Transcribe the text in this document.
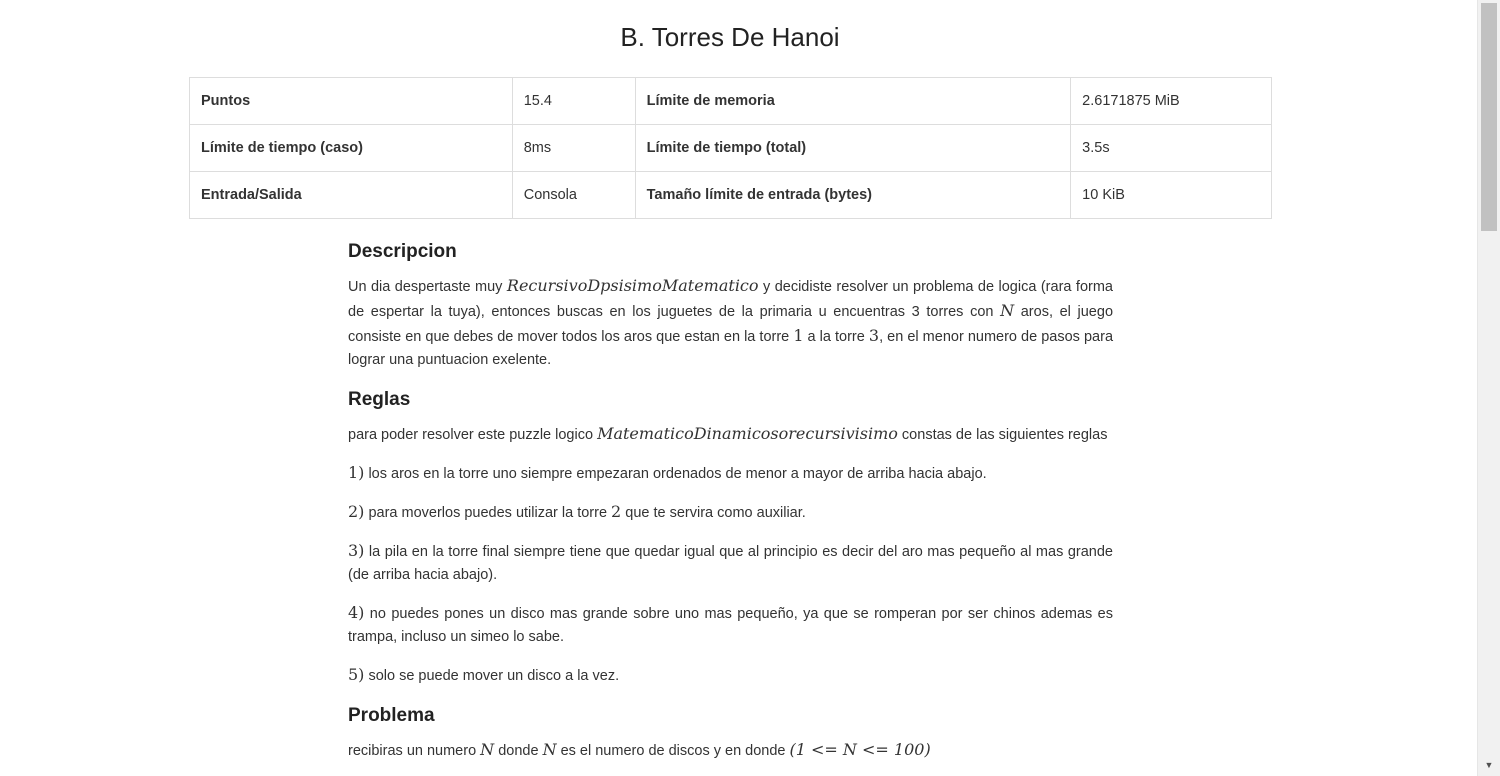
B. Torres De Hanoi
Puntos	15.4	Límite de memoria	2.6171875 MiB
Límite de tiempo (caso)	8ms	Límite de tiempo (total)	3.5s
Entrada/Salida	Consola	Tamaño límite de entrada (bytes)	10 KiB
Descripcion

Un dia despertaste muy RecursivoDpsisimoMatematico y decidiste resolver un problema de logica (rara forma de espertar la tuya), entonces buscas en los juguetes de la primaria u encuentras 3 torres con N aros, el juego consiste en que debes de mover todos los aros que estan en la torre 1 a la torre 3, en el menor numero de pasos para lograr una puntuacion exelente.

Reglas

para poder resolver este puzzle logico MatematicoDinamicosorecursivisimo constas de las siguientes reglas

1) los aros en la torre uno siempre empezaran ordenados de menor a mayor de arriba hacia abajo.

2) para moverlos puedes utilizar la torre 2 que te servira como auxiliar.

3) la pila en la torre final siempre tiene que quedar igual que al principio es decir del aro mas pequeño al mas grande (de arriba hacia abajo).

4) no puedes pones un disco mas grande sobre uno mas pequeño, ya que se romperan por ser chinos ademas es trampa, incluso un simeo lo sabe.

5) solo se puede mover un disco a la vez.

Problema

recibiras un numero N donde N es el numero de discos y en donde (1 <= N <= 100)

▼
